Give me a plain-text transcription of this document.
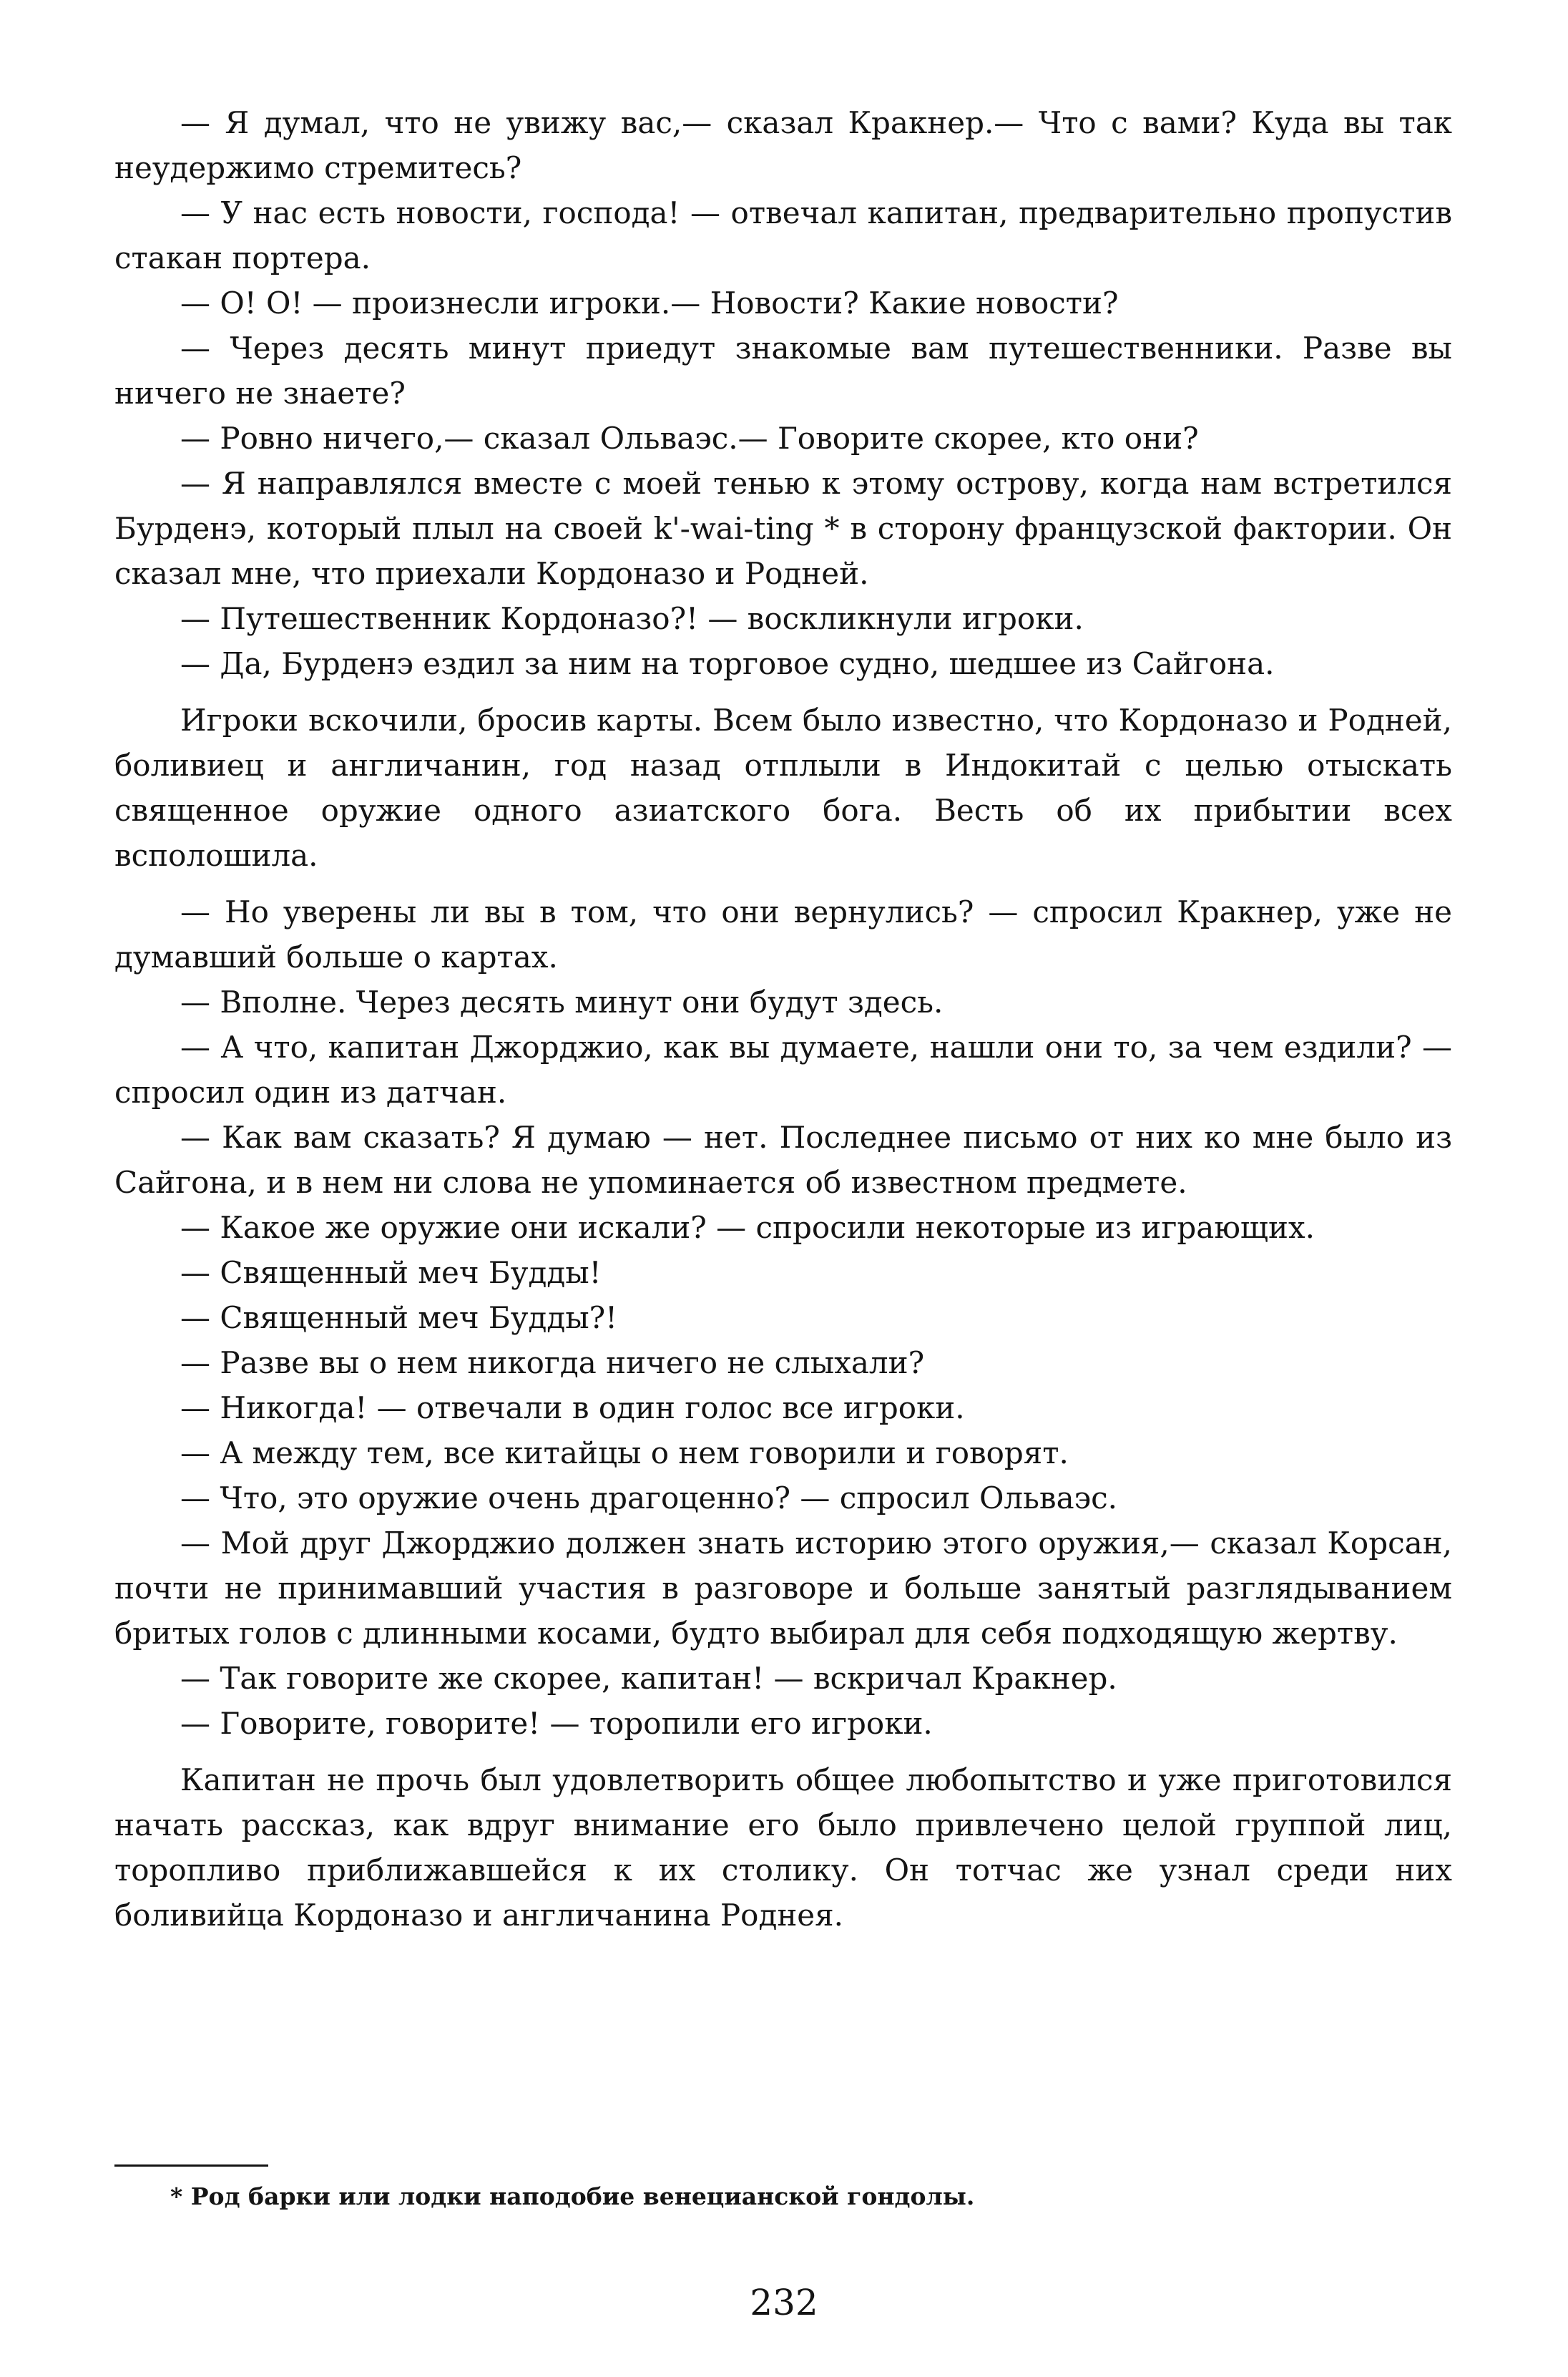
— Я думал, что не увижу вас,— сказал Кракнер.— Что с вами? Куда вы так неудержимо стремитесь?

— У нас есть новости, господа! — отвечал капитан, предварительно пропустив стакан портера.

— О! О! — произнесли игроки.— Новости? Какие новости?

— Через десять минут приедут знакомые вам путешественники. Разве вы ничего не знаете?

— Ровно ничего,— сказал Ольваэс.— Говорите скорее, кто они?

— Я направлялся вместе с моей тенью к этому острову, когда нам встретился Бурденэ, который плыл на своей k'-wai-ting * в сторону французской фактории. Он сказал мне, что приехали Кордоназо и Родней.

— Путешественник Кордоназо?! — воскликнули игроки.

— Да, Бурденэ ездил за ним на торговое судно, шедшее из Сайгона.

Игроки вскочили, бросив карты. Всем было известно, что Кордоназо и Родней, боливиец и англичанин, год назад отплыли в Индокитай с целью отыскать священное оружие одного азиатского бога. Весть об их прибытии всех всполошила.

— Но уверены ли вы в том, что они вернулись? — спросил Кракнер, уже не думавший больше о картах.

— Вполне. Через десять минут они будут здесь.

— А что, капитан Джорджио, как вы думаете, нашли они то, за чем ездили? — спросил один из датчан.

— Как вам сказать? Я думаю — нет. Последнее письмо от них ко мне было из Сайгона, и в нем ни слова не упоминается об известном предмете.

— Какое же оружие они искали? — спросили некоторые из играющих.

— Священный меч Будды!

— Священный меч Будды?!

— Разве вы о нем никогда ничего не слыхали?

— Никогда! — отвечали в один голос все игроки.

— А между тем, все китайцы о нем говорили и говорят.

— Что, это оружие очень драгоценно? — спросил Ольваэс.

— Мой друг Джорджио должен знать историю этого оружия,— сказал Корсан, почти не принимавший участия в разговоре и больше занятый разглядыванием бритых голов с длинными косами, будто выбирал для себя подходящую жертву.

— Так говорите же скорее, капитан! — вскричал Кракнер.

— Говорите, говорите! — торопили его игроки.

Капитан не прочь был удовлетворить общее любопытство и уже приготовился начать рассказ, как вдруг внимание его было привлечено целой группой лиц, торопливо приближавшейся к их столику. Он тотчас же узнал среди них боливийца Кордоназо и англичанина Роднея.

* Род барки или лодки наподобие венецианской гондолы.
232
